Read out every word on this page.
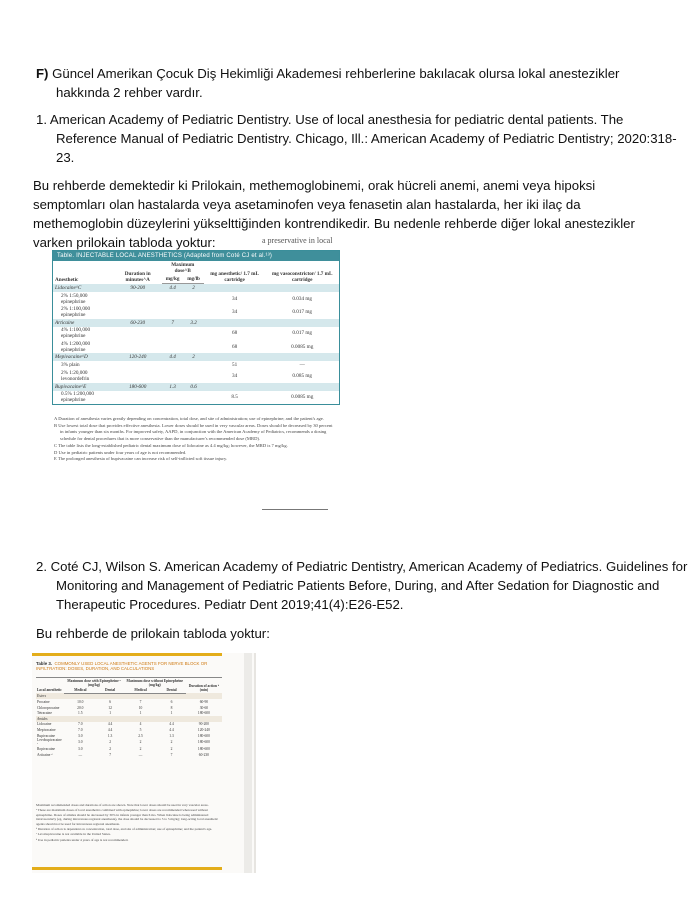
F) Güncel Amerikan Çocuk Diş Hekimliği Akademesi rehberlerine bakılacak olursa lokal anestezikler hakkında 2 rehber vardır.
1. American Academy of Pediatric Dentistry. Use of local anesthesia for pediatric dental patients. The Reference Manual of Pediatric Dentistry. Chicago, Ill.: American Academy of Pediatric Dentistry; 2020:318-23.
Bu rehberde demektedir ki Prilokain, methemoglobinemi, orak hücreli anemi, anemi veya hipoksi semptomları olan hastalarda veya asetaminofen veya fenasetin alan hastalarda, her iki ilaç da methemoglobin düzeylerini yükselttiğinden kontrendikedir. Bu nedenle rehberde diğer lokal anestezikler varken prilokain tabloda yoktur:	a preservative in local
Table. INJECTABLE LOCAL ANESTHETICS (Adapted from Coté CJ et al.¹³)
Anesthetic	Duration in minutes^A	Maximum dose^B		mg anesthetic/ 1.7 mL cartridge	mg vasoconstrictor/ 1.7 mL cartridge
		mg/kg	mg/lb		
Lidocaine^C	90-200	4.4	2		
2% 1:50,000 epinephrine				34	0.034 mg
2% 1:100,000 epinephrine				34	0.017 mg
Articaine	60-230	7	3.2		
4% 1:100,000 epinephrine				68	0.017 mg
4% 1:200,000 epinephrine				68	0.0085 mg
Mepivacaine^D	120-240	4.4	2		
3% plain				51	—
2% 1:20,000 levonordefrin				34	0.085 mg
Bupivacaine^E	180-600	1.3	0.6		
0.5% 1:200,000 epinephrine				8.5	0.0085 mg

A Duration of anesthesia varies greatly depending on concentration, total dose, and site of administration; use of epinephrine; and the patient's age.

B Use lowest total dose that provides effective anesthesia. Lower doses should be used in very vascular areas. Doses should be decreased by 30 percent in infants younger than six months. For improved safety, AAPD, in conjunction with the American Academy of Pediatrics, recommends a dosing schedule for dental procedures that is more conservative than the manufacturer's recommended dose (MRD).

C The table lists the long-established pediatric dental maximum dose of lidocaine as 4.4 mg/kg; however, the MRD is 7 mg/kg.

D Use in pediatric patients under four years of age is not recommended.

E The prolonged anesthesia of bupivacaine can increase risk of self-inflicted soft tissue injury.

2. Coté CJ, Wilson S. American Academy of Pediatric Dentistry, American Academy of Pediatrics. Guidelines for Monitoring and Management of Pediatric Patients Before, During, and After Sedation for Diagnostic and Therapeutic Procedures. Pediatr Dent 2019;41(4):E26-E52.
Bu rehberde de prilokain tabloda yoktur:
Table 3. COMMONLY USED LOCAL ANESTHETIC AGENTS FOR NERVE BLOCK OR INFILTRATION: DOSES, DURATION, AND CALCULATIONS
Local anesthetic	Maximum dose with Epinephrine ᵃ (mg/kg)		Maximum dose without Epinephrine (mg/kg)		Duration of action ᵇ (min)
	Medical	Dental	Medical	Dental	
Esters					
Procaine	10.0	6	7	6	60-90
Chloroprocaine	20.0	12	10	8	30-60
Tetracaine	1.5	1	1	1	180-600
Amides					
Lidocaine	7.0	4.4	4	4.4	90-200
Mepivacaine	7.0	4.4	5	4.4	120-240
Bupivacaine	3.0	1.3	2.5	1.3	180-600
Levobupivacaine ᶜ	3.0	2	2	2	180-600
Ropivacaine	3.0	2	2	2	180-600
Articaine ᵈ	—	7	—	7	60-230

Maximum recommended doses and durations of action are shown. Note that lower doses should be used in very vascular areas.

ᵃ These are maximum doses of local anesthetics combined with epinephrine; lower doses are recommended when used without epinephrine. Doses of amides should be decreased by 30% in infants younger than 6 mo. When lidocaine is being administered intravascularly (eg, during intravenous regional anesthesia), the dose should be decreased to 3 to 5 mg/kg; long-acting local anesthetic agents should not be used for intravenous regional anesthesia.

ᵇ Duration of action is dependent on concentration, total dose, and site of administration; use of epinephrine; and the patient's age.

ᶜ Levobupivacaine is not available in the United States.

ᵈ Use in pediatric patients under 4 years of age is not recommended.
